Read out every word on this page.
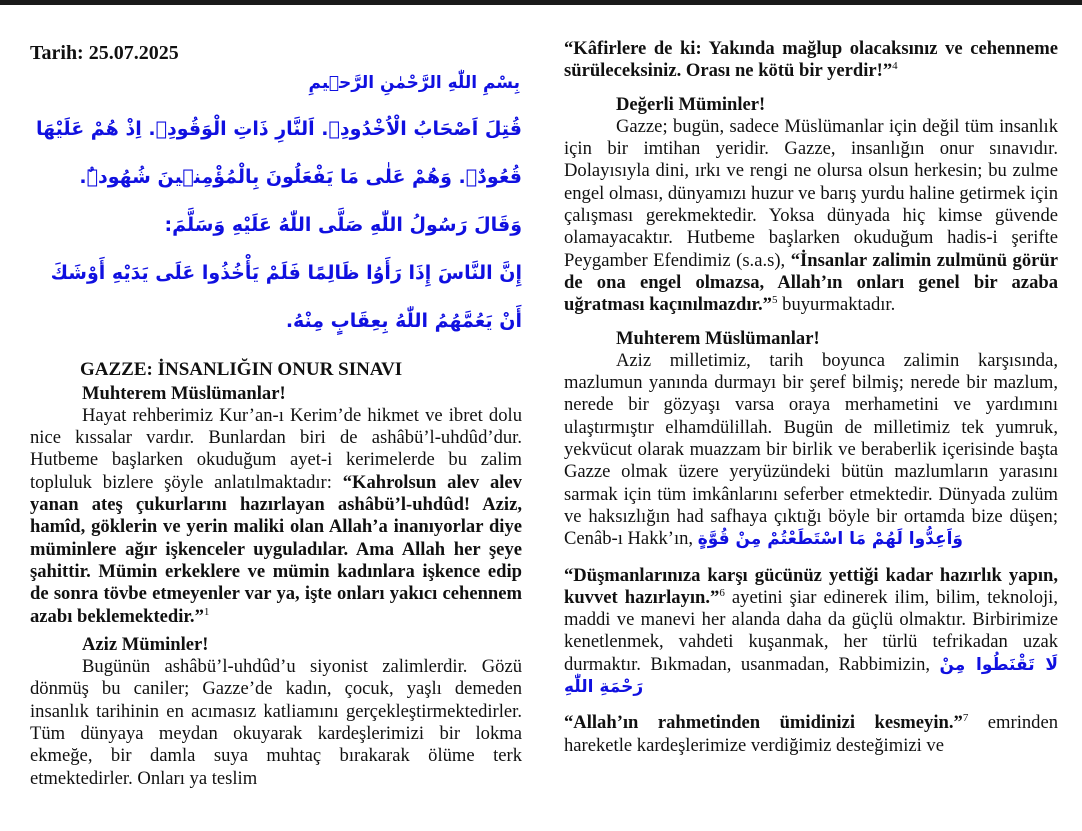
Tarih: 25.07.2025
بِسْمِ اللّٰهِ الرَّحْمٰنِ الرَّح۪يمِ
قُتِلَ اَصْحَابُ الْاُخْدُودِۙ. اَلنَّارِ ذَاتِ الْوَقُودِۙ. اِذْ هُمْ عَلَيْهَا قُعُودٌۙ. وَهُمْ عَلٰى مَا يَفْعَلُونَ بِالْمُؤْمِن۪ينَ شُهُودٌۜ.
وَقَالَ رَسُولُ اللّٰهِ صَلَّى اللّٰهُ عَلَيْهِ وَسَلَّمَ:
إِنَّ النَّاسَ إِذَا رَأَوُا ظَالِمًا فَلَمْ يَأْخُذُوا عَلَى يَدَيْهِ أَوْشَكَ أَنْ يَعُمَّهُمُ اللّٰهُ بِعِقَابٍ مِنْهُ.
GAZZE: İNSANLIĞIN ONUR SINAVI
Muhterem Müslümanlar!

Hayat rehberimiz Kur’an-ı Kerim’de hikmet ve ibret dolu nice kıssalar vardır. Bunlardan biri de ashâbü’l-uhdûd’dur. Hutbeme başlarken okuduğum ayet-i kerimelerde bu zalim topluluk bizlere şöyle anlatılmaktadır: “Kahrolsun alev alev yanan ateş çukurlarını hazırlayan ashâbü’l-uhdûd! Aziz, hamîd, göklerin ve yerin maliki olan Allah’a inanıyorlar diye müminlere ağır işkenceler uyguladılar. Ama Allah her şeye şahittir. Mümin erkeklere ve mümin kadınlara işkence edip de sonra tövbe etmeyenler var ya, işte onları yakıcı cehennem azabı beklemektedir.”$^1$

Aziz Müminler!

Bugünün ashâbü’l-uhdûd’u siyonist zalimlerdir. Gözü dönmüş bu caniler; Gazze’de kadın, çocuk, yaşlı demeden insanlık tarihinin en acımasız katliamını gerçekleştirmektedirler. Tüm dünyaya meydan okuyarak kardeşlerimizi bir lokma ekmeğe, bir damla suya muhtaç bırakarak ölüme terk etmektedirler. Onları ya teslim

“Kâfirlere de ki: Yakında mağlup olacaksınız ve cehenneme sürüleceksiniz. Orası ne kötü bir yerdir!”$^4$

Değerli Müminler!

Gazze; bugün, sadece Müslümanlar için değil tüm insanlık için bir imtihan yeridir. Gazze, insanlığın onur sınavıdır. Dolayısıyla dini, ırkı ve rengi ne olursa olsun herkesin; bu zulme engel olması, dünyamızı huzur ve barış yurdu haline getirmek için çalışması gerekmektedir. Yoksa dünyada hiç kimse güvende olamayacaktır. Hutbeme başlarken okuduğum hadis-i şerifte Peygamber Efendimiz (s.a.s), “İnsanlar zalimin zulmünü görür de ona engel olmazsa, Allah’ın onları genel bir azaba uğratması kaçınılmazdır.”$^5$ buyurmaktadır.

Muhterem Müslümanlar!

Aziz milletimiz, tarih boyunca zalimin karşısında, mazlumun yanında durmayı bir şeref bilmiş; nerede bir mazlum, nerede bir gözyaşı varsa oraya merhametini ve yardımını ulaştırmıştır elhamdülillah. Bugün de milletimiz tek yumruk, yekvücut olarak muazzam bir birlik ve beraberlik içerisinde başta Gazze olmak üzere yeryüzündeki bütün mazlumların yarasını sarmak için tüm imkânlarını seferber etmektedir. Dünyada zulüm ve haksızlığın had safhaya çıktığı böyle bir ortamda bize düşen; Cenâb-ı Hakk’ın, وَاَعِدُّوا لَهُمْ مَا اسْتَطَعْتُمْ مِنْ قُوَّةٍ

“Düşmanlarınıza karşı gücünüz yettiği kadar hazırlık yapın, kuvvet hazırlayın.”$^6$ ayetini şiar edinerek ilim, bilim, teknoloji, maddi ve manevi her alanda daha da güçlü olmaktır. Birbirimize kenetlenmek, vahdeti kuşanmak, her türlü tefrikadan uzak durmaktır. Bıkmadan, usanmadan, Rabbimizin, لَا تَقْنَطُوا مِنْ رَحْمَةِ اللّٰهِ

“Allah’ın rahmetinden ümidinizi kesmeyin.”$^7$ emrinden hareketle kardeşlerimize verdiğimiz desteğimizi ve
